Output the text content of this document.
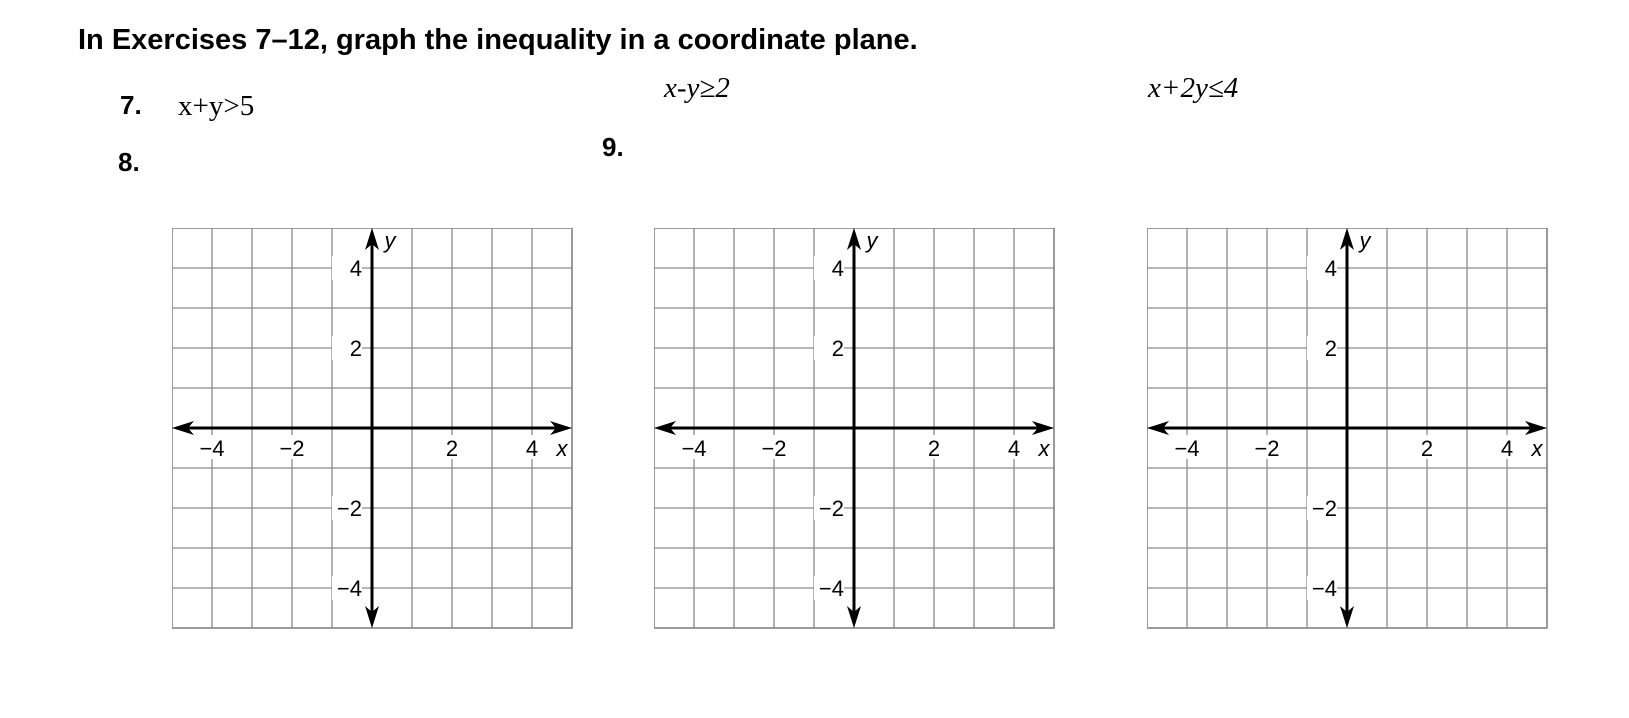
In Exercises 7–12, graph the inequality in a coordinate plane.
7. x+y>5
8.
x-y≥2
9.
x+2y≤4
−4 −2	2	4 x
4
2
−2
−4
y
−4 −2	2	4 x
4
2
−2
−4
y
−4 −2	2	4 x
4
2
−2
−4
y
